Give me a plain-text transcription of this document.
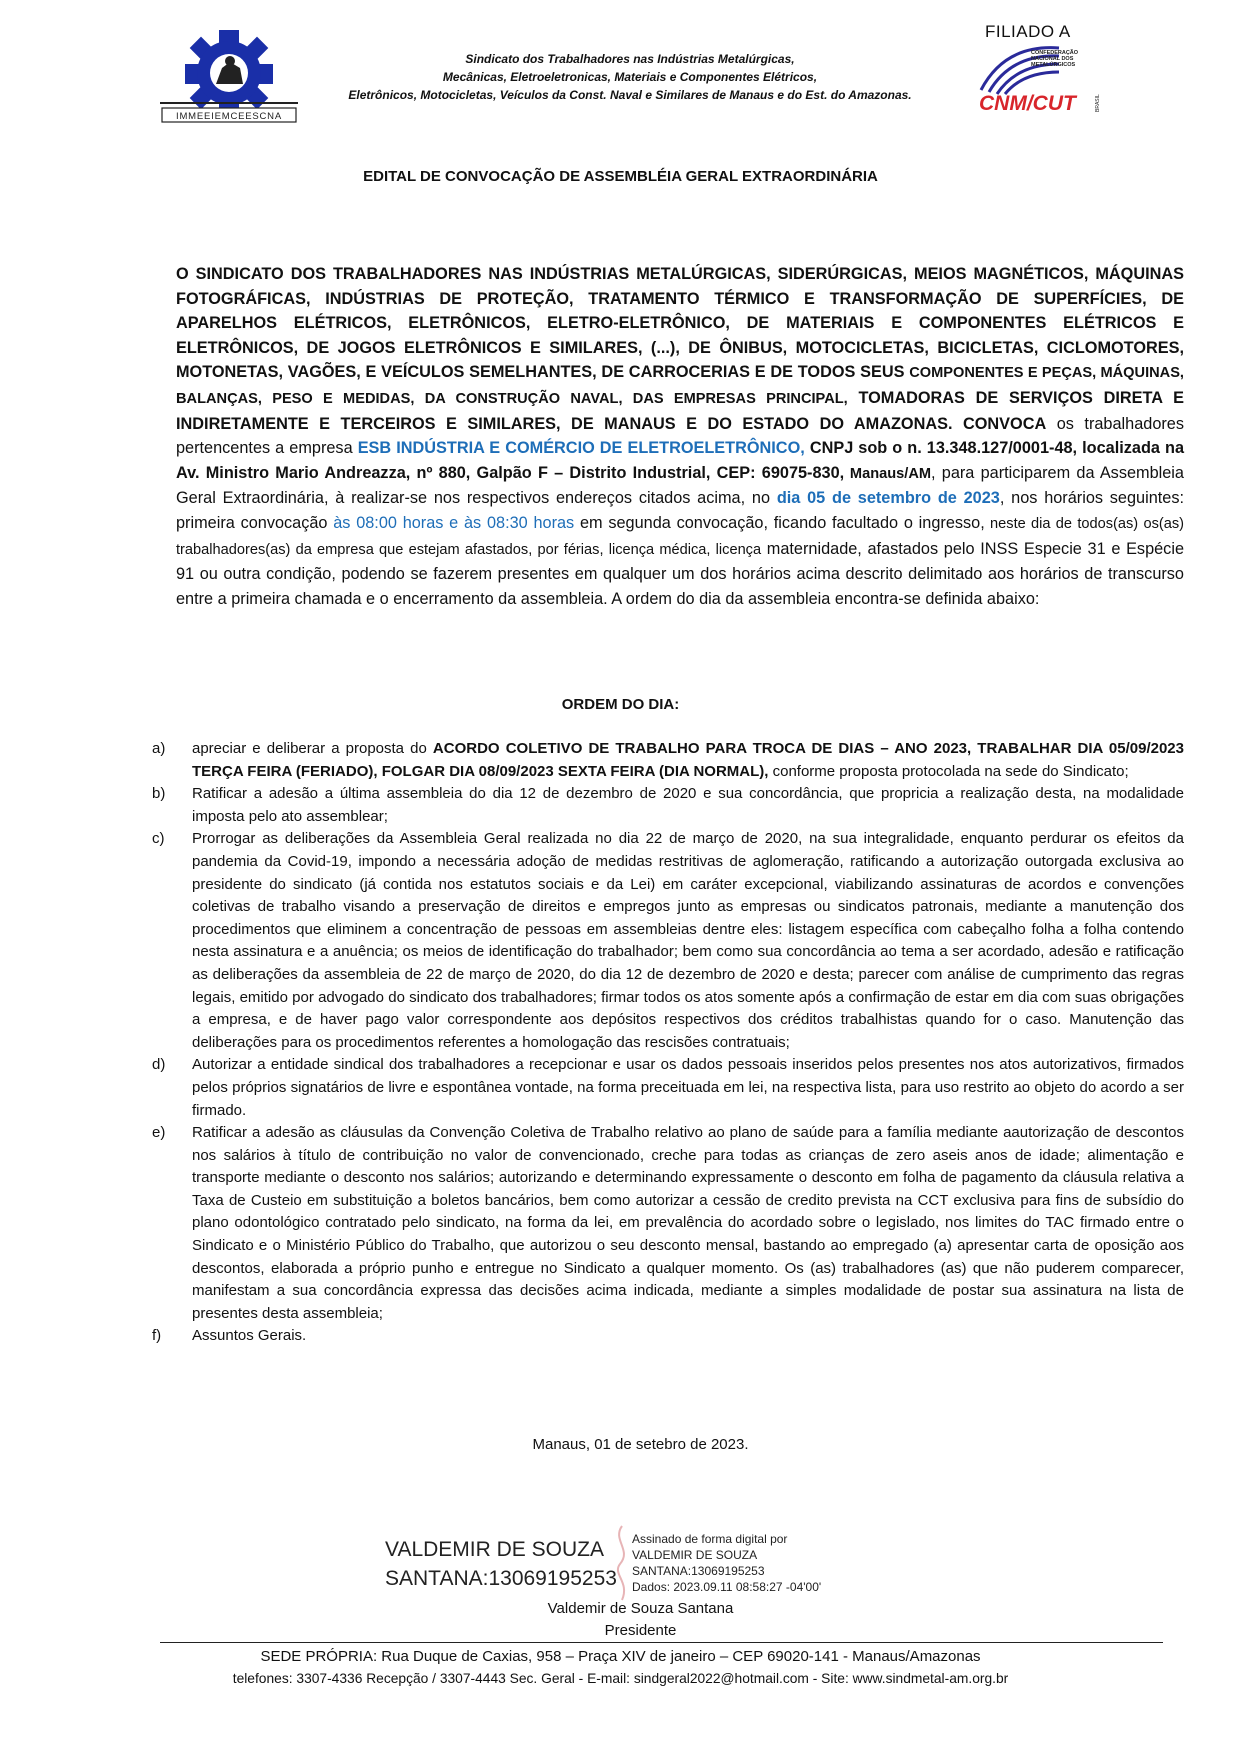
IMMEEIEMCEESCNA
Sindicato dos Trabalhadores nas Indústrias Metalúrgicas,
Mecânicas, Eletroeletronicas, Materiais e Componentes Elétricos,
Eletrônicos, Motocicletas, Veículos da Const. Naval e Similares de Manaus e do Est. do Amazonas.
FILIADO A
CONFEDERAÇÃO
NACIONAL DOS
METALÚRGICOS
CNM/CUT	BRASIL
EDITAL DE CONVOCAÇÃO DE ASSEMBLÉIA GERAL EXTRAORDINÁRIA
O SINDICATO DOS TRABALHADORES NAS INDÚSTRIAS METALÚRGICAS, SIDERÚRGICAS, MEIOS MAGNÉTICOS, MÁQUINAS FOTOGRÁFICAS, INDÚSTRIAS DE PROTEÇÃO, TRATAMENTO TÉRMICO E TRANSFORMAÇÃO DE SUPERFÍCIES, DE APARELHOS ELÉTRICOS, ELETRÔNICOS, ELETRO-ELETRÔNICO, DE MATERIAIS E COMPONENTES ELÉTRICOS E ELETRÔNICOS, DE JOGOS ELETRÔNICOS E SIMILARES, (...), DE ÔNIBUS, MOTOCICLETAS, BICICLETAS, CICLOMOTORES, MOTONETAS, VAGÕES, E VEÍCULOS SEMELHANTES, DE CARROCERIAS E DE TODOS SEUS COMPONENTES E PEÇAS, MÁQUINAS, BALANÇAS, PESO E MEDIDAS, DA CONSTRUÇÃO NAVAL, DAS EMPRESAS PRINCIPAL, TOMADORAS DE SERVIÇOS DIRETA E INDIRETAMENTE E TERCEIROS E SIMILARES, DE MANAUS E DO ESTADO DO AMAZONAS. CONVOCA os trabalhadores pertencentes a empresa ESB INDÚSTRIA E COMÉRCIO DE ELETROELETRÔNICO, CNPJ sob o n. 13.348.127/0001-48, localizada na Av. Ministro Mario Andreazza, nº 880, Galpão F – Distrito Industrial, CEP: 69075-830, Manaus/AM, para participarem da Assembleia Geral Extraordinária, à realizar-se nos respectivos endereços citados acima, no dia 05 de setembro de 2023, nos horários seguintes: primeira convocação às 08:00 horas e às 08:30 horas em segunda convocação, ficando facultado o ingresso, neste dia de todos(as) os(as) trabalhadores(as) da empresa que estejam afastados, por férias, licença médica, licença maternidade, afastados pelo INSS Especie 31 e Espécie 91 ou outra condição, podendo se fazerem presentes em qualquer um dos horários acima descrito delimitado aos horários de transcurso entre a primeira chamada e o encerramento da assembleia. A ordem do dia da assembleia encontra-se definida abaixo:
ORDEM DO DIA:
a)	apreciar e deliberar a proposta do ACORDO COLETIVO DE TRABALHO PARA TROCA DE DIAS – ANO 2023, TRABALHAR DIA 05/09/2023 TERÇA FEIRA (FERIADO), FOLGAR DIA 08/09/2023 SEXTA FEIRA (DIA NORMAL), conforme proposta protocolada na sede do Sindicato;
b)	Ratificar a adesão a última assembleia do dia 12 de dezembro de 2020 e sua concordância, que propricia a realização desta, na modalidade imposta pelo ato assemblear;
c)	Prorrogar as deliberações da Assembleia Geral realizada no dia 22 de março de 2020, na sua integralidade, enquanto perdurar os efeitos da pandemia da Covid-19, impondo a necessária adoção de medidas restritivas de aglomeração, ratificando a autorização outorgada exclusiva ao presidente do sindicato (já contida nos estatutos sociais e da Lei) em caráter excepcional, viabilizando assinaturas de acordos e convenções coletivas de trabalho visando a preservação de direitos e empregos junto as empresas ou sindicatos patronais, mediante a manutenção dos procedimentos que eliminem a concentração de pessoas em assembleias dentre eles: listagem específica com cabeçalho folha a folha contendo nesta assinatura e a anuência; os meios de identificação do trabalhador; bem como sua concordância ao tema a ser acordado, adesão e ratificação as deliberações da assembleia de 22 de março de 2020, do dia 12 de dezembro de 2020 e desta; parecer com análise de cumprimento das regras legais, emitido por advogado do sindicato dos trabalhadores; firmar todos os atos somente após a confirmação de estar em dia com suas obrigações a empresa, e de haver pago valor correspondente aos depósitos respectivos dos créditos trabalhistas quando for o caso. Manutenção das deliberações para os procedimentos referentes a homologação das rescisões contratuais;
d)	Autorizar a entidade sindical dos trabalhadores a recepcionar e usar os dados pessoais inseridos pelos presentes nos atos autorizativos, firmados pelos próprios signatários de livre e espontânea vontade, na forma preceituada em lei, na respectiva lista, para uso restrito ao objeto do acordo a ser firmado.
e)	Ratificar a adesão as cláusulas da Convenção Coletiva de Trabalho relativo ao plano de saúde para a família mediante aautorização de descontos nos salários à título de contribuição no valor de convencionado, creche para todas as crianças de zero aseis anos de idade; alimentação e transporte mediante o desconto nos salários; autorizando e determinando expressamente o desconto em folha de pagamento da cláusula relativa a Taxa de Custeio em substituição a boletos bancários, bem como autorizar a cessão de credito prevista na CCT exclusiva para fins de subsídio do plano odontológico contratado pelo sindicato, na forma da lei, em prevalência do acordado sobre o legislado, nos limites do TAC firmado entre o Sindicato e o Ministério Público do Trabalho, que autorizou o seu desconto mensal, bastando ao empregado (a) apresentar carta de oposição aos descontos, elaborada a próprio punho e entregue no Sindicato a qualquer momento. Os (as) trabalhadores (as) que não puderem comparecer, manifestam a sua concordância expressa das decisões acima indicada, mediante a simples modalidade de postar sua assinatura na lista de presentes desta assembleia;
f)	Assuntos Gerais.
Manaus, 01 de setebro de 2023.
VALDEMIR DE SOUZA
SANTANA:13069195253
Assinado de forma digital por
VALDEMIR DE SOUZA
SANTANA:13069195253
Dados: 2023.09.11 08:58:27 -04'00'
Valdemir de Souza Santana
Presidente
SEDE PRÓPRIA: Rua Duque de Caxias, 958 – Praça XIV de janeiro – CEP 69020-141 - Manaus/Amazonas
telefones: 3307-4336 Recepção / 3307-4443 Sec. Geral - E-mail: sindgeral2022@hotmail.com - Site: www.sindmetal-am.org.br
